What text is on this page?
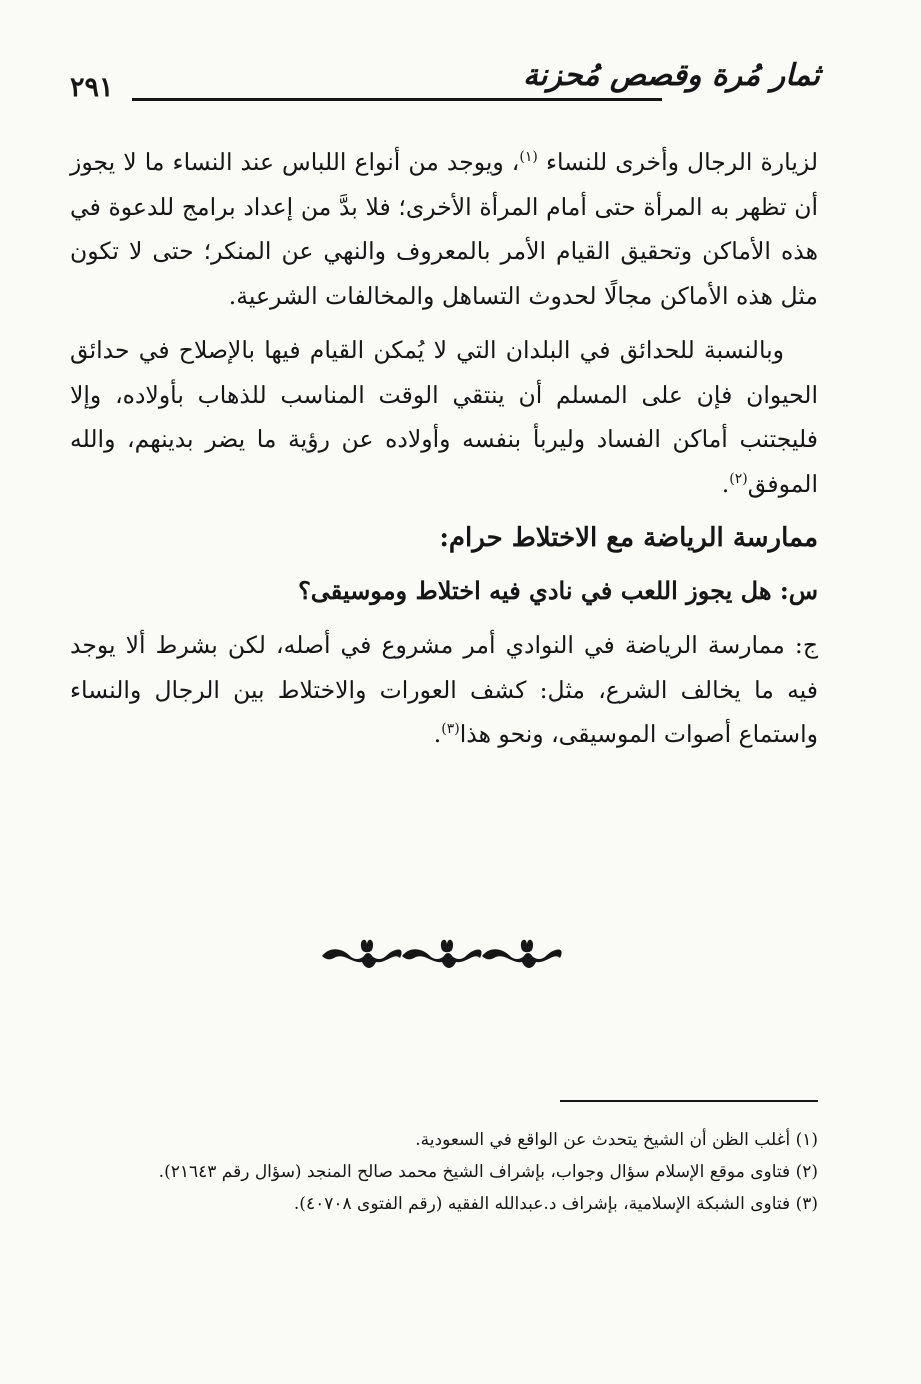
٢٩١	ثمار مُرة وقصص مُحزنة

لزيارة الرجال وأخرى للنساء $^{(١)}$، ويوجد من أنواع اللباس عند النساء ما لا يجوز أن تظهر به المرأة حتى أمام المرأة الأخرى؛ فلا بدَّ من إعداد برامج للدعوة في هذه الأماكن وتحقيق القيام الأمر بالمعروف والنهي عن المنكر؛ حتى لا تكون مثل هذه الأماكن مجالًا لحدوث التساهل والمخالفات الشرعية.

وبالنسبة للحدائق في البلدان التي لا يُمكن القيام فيها بالإصلاح في حدائق الحيوان فإن على المسلم أن ينتقي الوقت المناسب للذهاب بأولاده، وإلا فليجتنب أماكن الفساد وليربأ بنفسه وأولاده عن رؤية ما يضر بدينهم، والله الموفق$^{(٢)}$.

ممارسة الرياضة مع الاختلاط حرام:

س: هل يجوز اللعب في نادي فيه اختلاط وموسيقى؟

ج: ممارسة الرياضة في النوادي أمر مشروع في أصله، لكن بشرط ألا يوجد فيه ما يخالف الشرع، مثل: كشف العورات والاختلاط بين الرجال والنساء واستماع أصوات الموسيقى، ونحو هذا$^{(٣)}$.

(١) أغلب الظن أن الشيخ يتحدث عن الواقع في السعودية.

(٢) فتاوى موقع الإسلام سؤال وجواب، بإشراف الشيخ محمد صالح المنجد (سؤال رقم ٢١٦٤٣).

(٣) فتاوى الشبكة الإسلامية، بإشراف د.عبدالله الفقيه (رقم الفتوى ٤٠٧٠٨).
